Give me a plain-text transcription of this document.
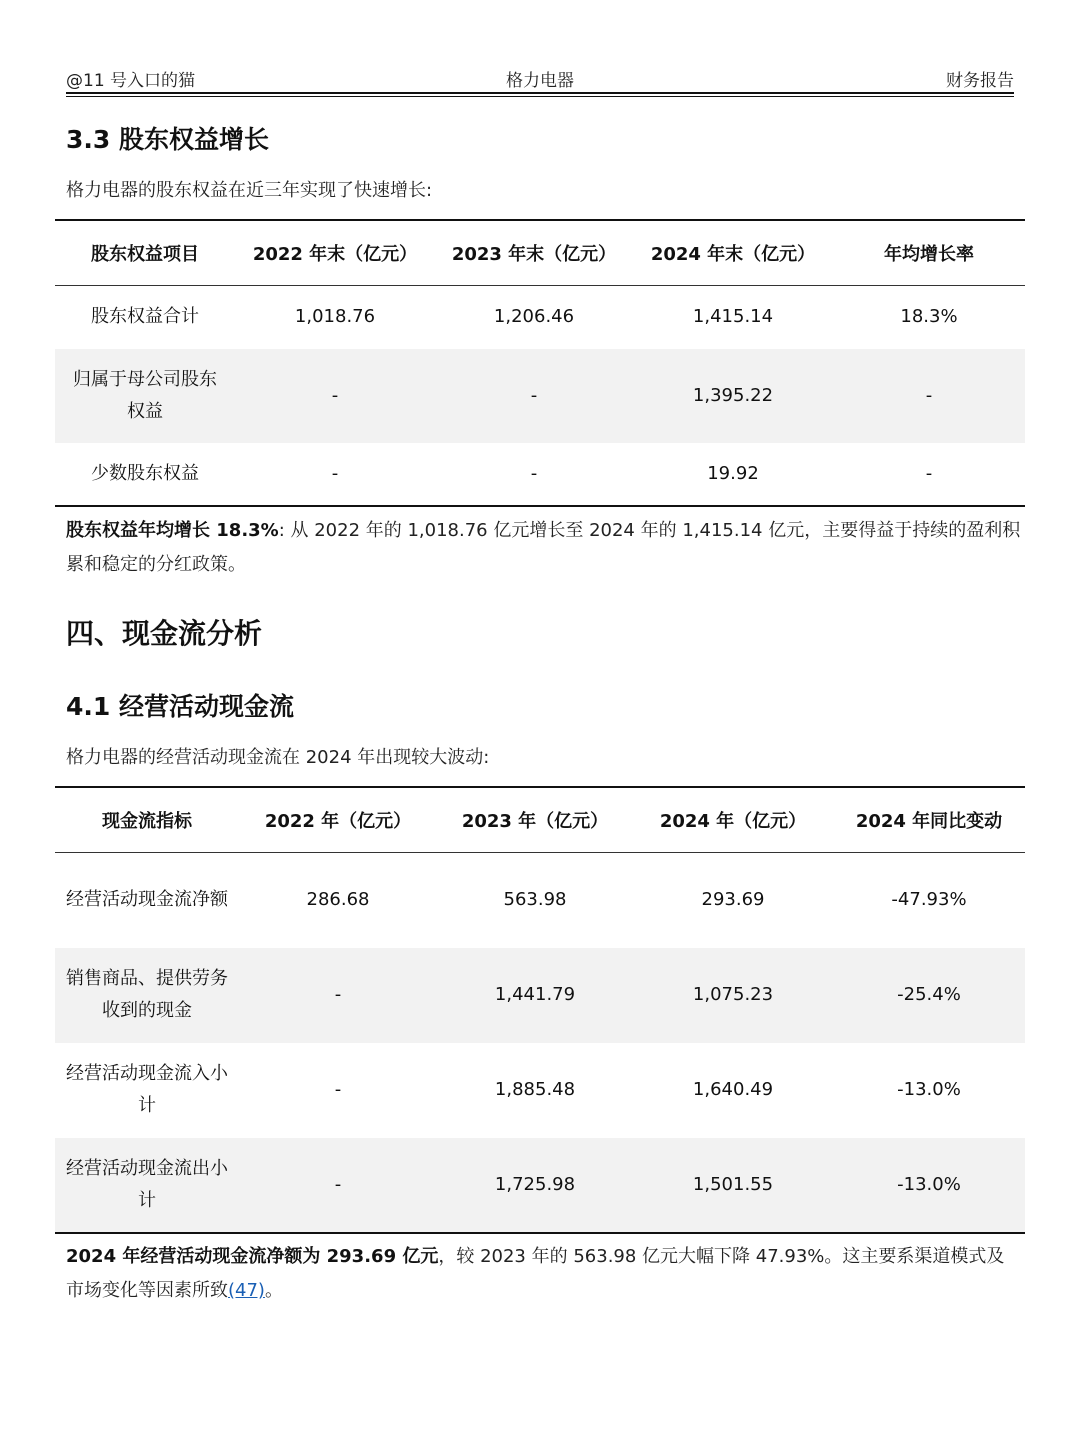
@11 号入口的猫	格力电器	财务报告
3.3 股东权益增长
格力电器的股东权益在近三年实现了快速增长:
股东权益项目	2022 年末（亿元）	2023 年末（亿元）	2024 年末（亿元）	年均增长率
股东权益合计	1,018.76	1,206.46	1,415.14	18.3%
归属于母公司股东权益	-	-	1,395.22	-
少数股东权益	-	-	19.92	-
股东权益年均增长 18.3%: 从 2022 年的 1,018.76 亿元增长至 2024 年的 1,415.14 亿元，主要得益于持续的盈利积累和稳定的分红政策。
四、现金流分析
4.1 经营活动现金流
格力电器的经营活动现金流在 2024 年出现较大波动:
现金流指标	2022 年（亿元）	2023 年（亿元）	2024 年（亿元）	2024 年同比变动
经营活动现金流净额	286.68	563.98	293.69	-47.93%
销售商品、提供劳务收到的现金	-	1,441.79	1,075.23	-25.4%
经营活动现金流入小计	-	1,885.48	1,640.49	-13.0%
经营活动现金流出小计	-	1,725.98	1,501.55	-13.0%
2024 年经营活动现金流净额为 293.69 亿元，较 2023 年的 563.98 亿元大幅下降 47.93%。这主要系渠道模式及市场变化等因素所致(47)。
